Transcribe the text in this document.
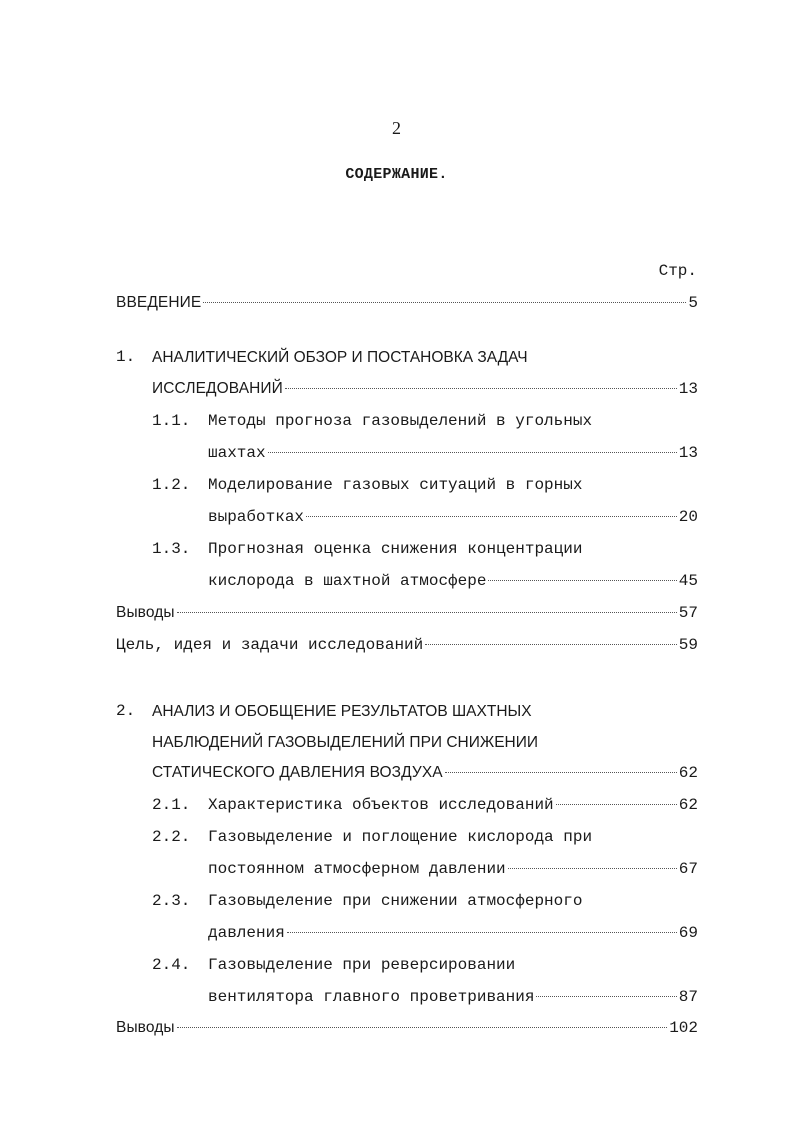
2
СОДЕРЖАНИЕ.
Стр.
ВВЕДЕНИЕ	5
1. АНАЛИТИЧЕСКИЙ ОБЗОР И ПОСТАНОВКА ЗАДАЧ
ИССЛЕДОВАНИЙ	13
1.1. Методы прогноза газовыделений в угольных
шахтах	13
1.2. Моделирование газовых ситуаций в горных
выработках	20
1.3. Прогнозная оценка снижения концентрации
кислорода в шахтной атмосфере	45
Выводы	57
Цель, идея и задачи исследований	59
2. АНАЛИЗ И ОБОБЩЕНИЕ РЕЗУЛЬТАТОВ ШАХТНЫХ
НАБЛЮДЕНИЙ ГАЗОВЫДЕЛЕНИЙ ПРИ СНИЖЕНИИ
СТАТИЧЕСКОГО ДАВЛЕНИЯ ВОЗДУХА	62
2.1. Характеристика объектов исследований	62
2.2. Газовыделение и поглощение кислорода при
постоянном атмосферном давлении	67
2.3. Газовыделение при снижении атмосферного
давления	69
2.4. Газовыделение при реверсировании
вентилятора главного проветривания	87
Выводы	102
